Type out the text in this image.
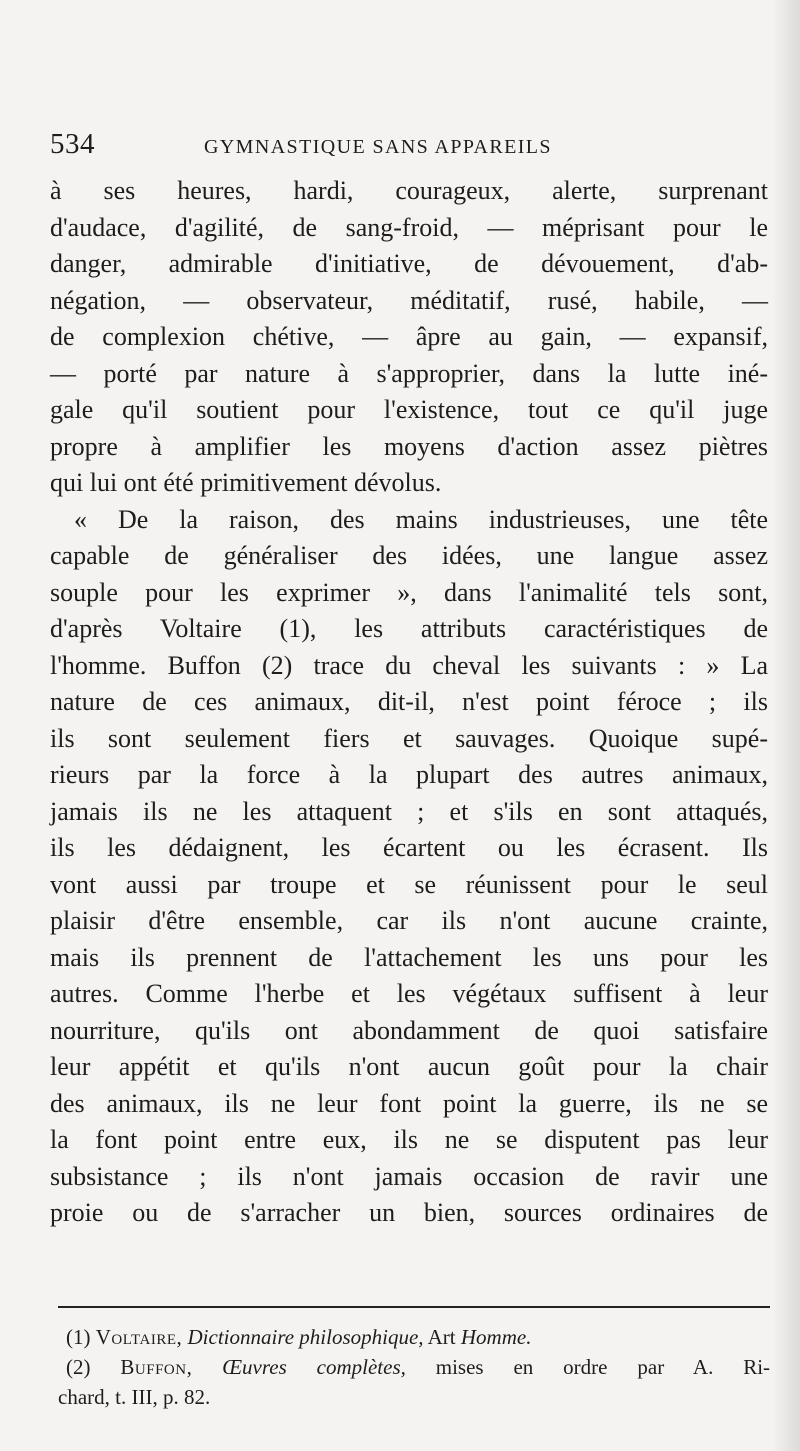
534	GYMNASTIQUE SANS APPAREILS
à ses heures, hardi, courageux, alerte, surprenant
d'audace, d'agilité, de sang-froid, — méprisant pour le
danger, admirable d'initiative, de dévouement, d'ab-
négation, — observateur, méditatif, rusé, habile, —
de complexion chétive, — âpre au gain, — expansif,
— porté par nature à s'approprier, dans la lutte iné-
gale qu'il soutient pour l'existence, tout ce qu'il juge
propre à amplifier les moyens d'action assez piètres
qui lui ont été primitivement dévolus.
« De la raison, des mains industrieuses, une tête
capable de généraliser des idées, une langue assez
souple pour les exprimer », dans l'animalité tels sont,
d'après Voltaire (1), les attributs caractéristiques de
l'homme. Buffon (2) trace du cheval les suivants : » La
nature de ces animaux, dit-il, n'est point féroce ; ils
ils sont seulement fiers et sauvages. Quoique supé-
rieurs par la force à la plupart des autres animaux,
jamais ils ne les attaquent ; et s'ils en sont attaqués,
ils les dédaignent, les écartent ou les écrasent. Ils
vont aussi par troupe et se réunissent pour le seul
plaisir d'être ensemble, car ils n'ont aucune crainte,
mais ils prennent de l'attachement les uns pour les
autres. Comme l'herbe et les végétaux suffisent à leur
nourriture, qu'ils ont abondamment de quoi satisfaire
leur appétit et qu'ils n'ont aucun goût pour la chair
des animaux, ils ne leur font point la guerre, ils ne se
la font point entre eux, ils ne se disputent pas leur
subsistance ; ils n'ont jamais occasion de ravir une
proie ou de s'arracher un bien, sources ordinaires de
(1) Voltaire, Dictionnaire philosophique, Art Homme.
(2) Buffon, Œuvres complètes, mises en ordre par A. Ri-
chard, t. III, p. 82.
